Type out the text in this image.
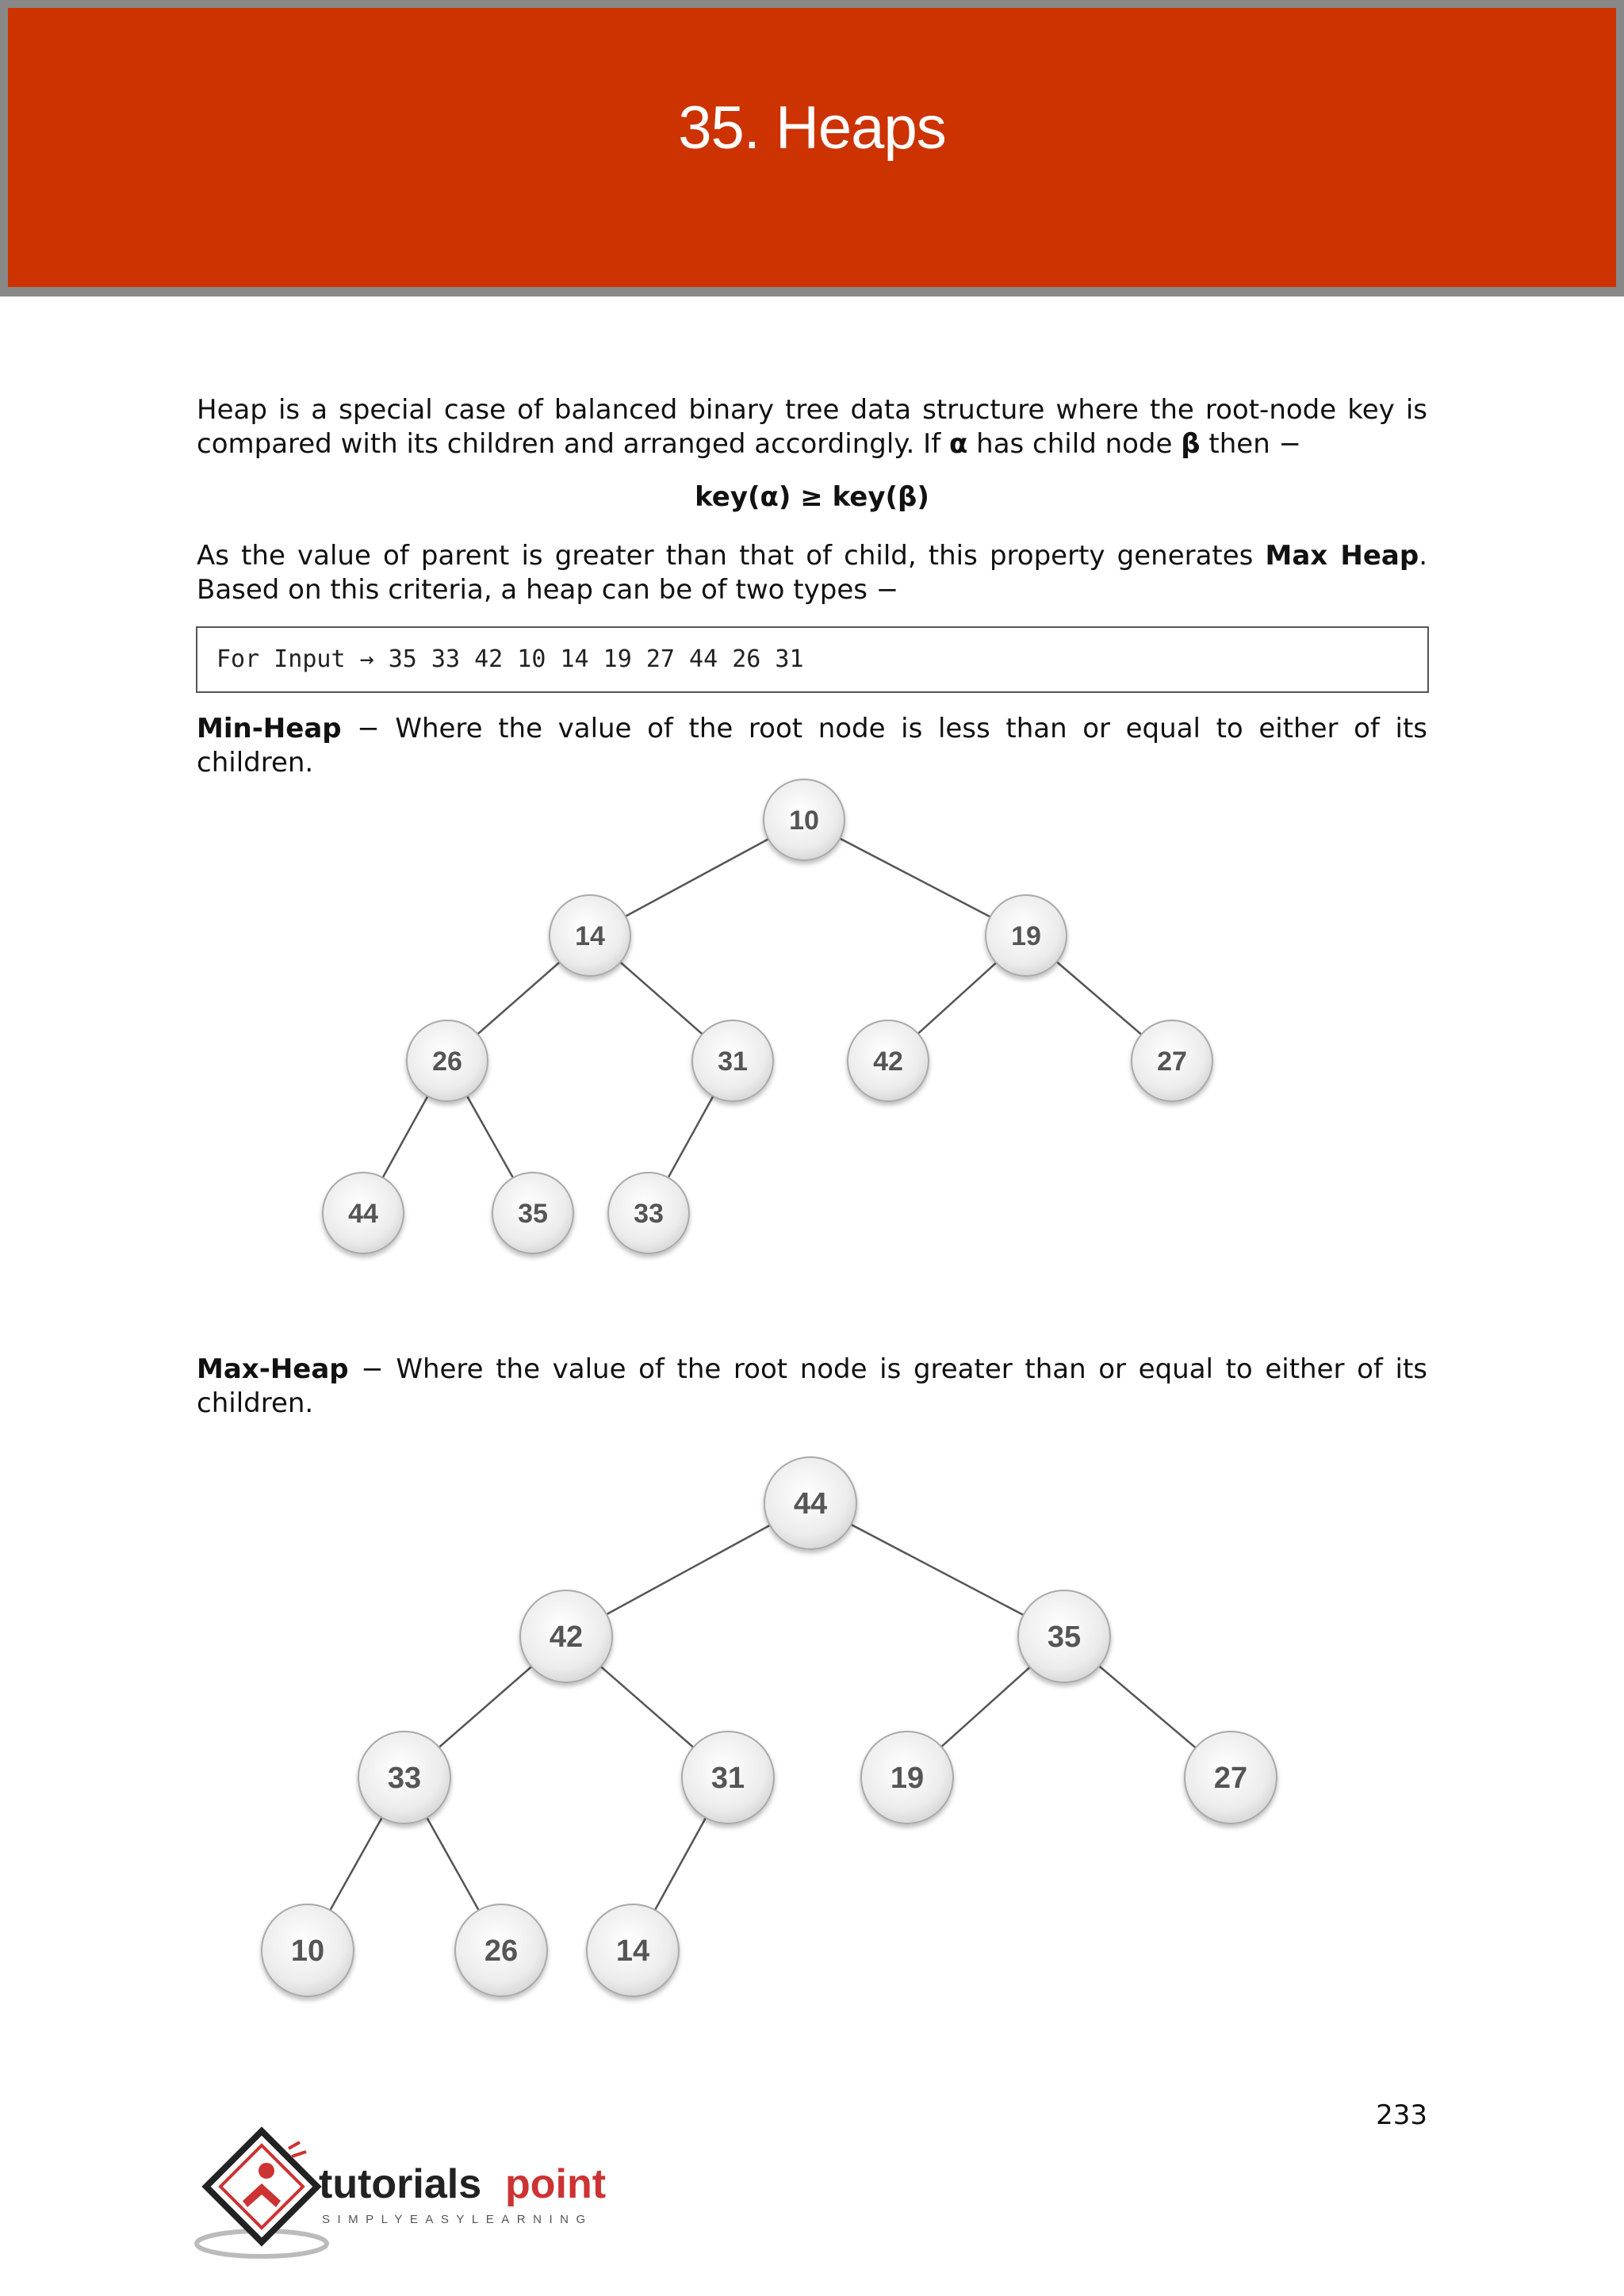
35. Heaps

Heap is a special case of balanced binary tree data structure where the root-node key is compared with its children and arranged accordingly. If α has child node β then −

key(α) ≥ key(β)

As the value of parent is greater than that of child, this property generates Max Heap. Based on this criteria, a heap can be of two types −

For Input → 35 33 42 10 14 19 27 44 26 31

Min-Heap − Where the value of the root node is less than or equal to either of its children.

10
14	19
26	31	42	27
44	35	33

Max-Heap − Where the value of the root node is greater than or equal to either of its children.

44
42	35
33	31	19	27
10	26	14
233
tutorials point
SIMPLYEASYLEARNING
